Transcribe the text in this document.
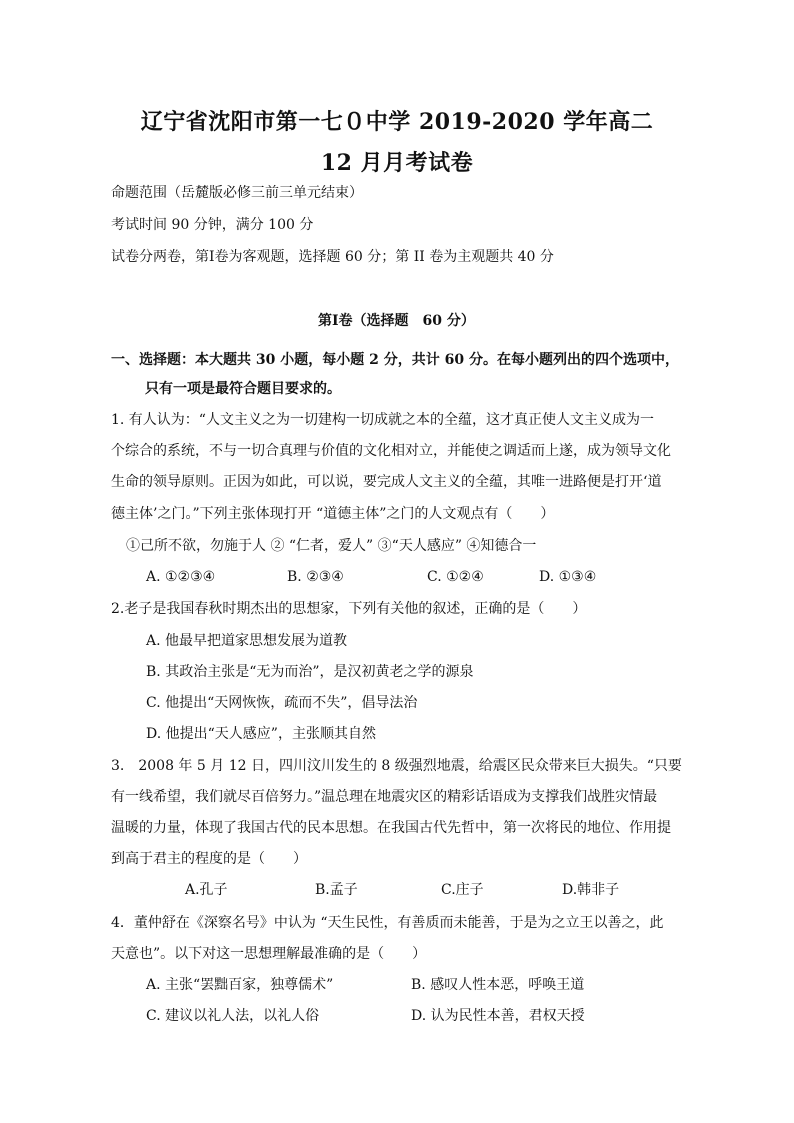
辽宁省沈阳市第一七０中学 2019-2020 学年高二
12 月月考试卷
命题范围（岳麓版必修三前三单元结束）
考试时间 90 分钟，满分 100 分
试卷分两卷，第Ⅰ卷为客观题，选择题 60 分；第 II 卷为主观题共 40 分
第Ⅰ卷（选择题　60 分）
一、选择题：本大题共 30 小题，每小题 2 分，共计 60 分。在每小题列出的四个选项中，
只有一项是最符合题目要求的。
1. 有人认为：“人文主义之为一切建构一切成就之本的全蕴，这才真正使人文主义成为一
个综合的系统，不与一切合真理与价值的文化相对立，并能使之调适而上遂，成为领导文化
生命的领导原则。正因为如此，可以说，要完成人文主义的全蕴，其唯一进路便是打开‘道
德主体’之门。”下列主张体现打开 “道德主体”之门的人文观点有（　　）
①己所不欲，勿施于人 ② “仁者，爱人” ③“天人感应” ④知德合一
A. ①②③④	B. ②③④	C. ①②④	D. ①③④
2.老子是我国春秋时期杰出的思想家，下列有关他的叙述，正确的是（　　）
A. 他最早把道家思想发展为道教
B. 其政治主张是“无为而治”，是汉初黄老之学的源泉
C. 他提出“天网恢恢，疏而不失”，倡导法治
D. 他提出“天人感应”，主张顺其自然
3.　2008 年 5 月 12 日，四川汶川发生的 8 级强烈地震，给震区民众带来巨大损失。“只要
有一线希望，我们就尽百倍努力。”温总理在地震灾区的精彩话语成为支撑我们战胜灾情最
温暖的力量，体现了我国古代的民本思想。在我国古代先哲中，第一次将民的地位、作用提
到高于君主的程度的是（　　）
A.孔子	B.孟子	C.庄子	D.韩非子
4．董仲舒在《深察名号》中认为 “天生民性，有善质而未能善，于是为之立王以善之，此
天意也”。以下对这一思想理解最准确的是（　　）
A. 主张“罢黜百家，独尊儒术”	B. 感叹人性本恶，呼唤王道
C. 建议以礼人法，以礼人俗	D. 认为民性本善，君权天授
